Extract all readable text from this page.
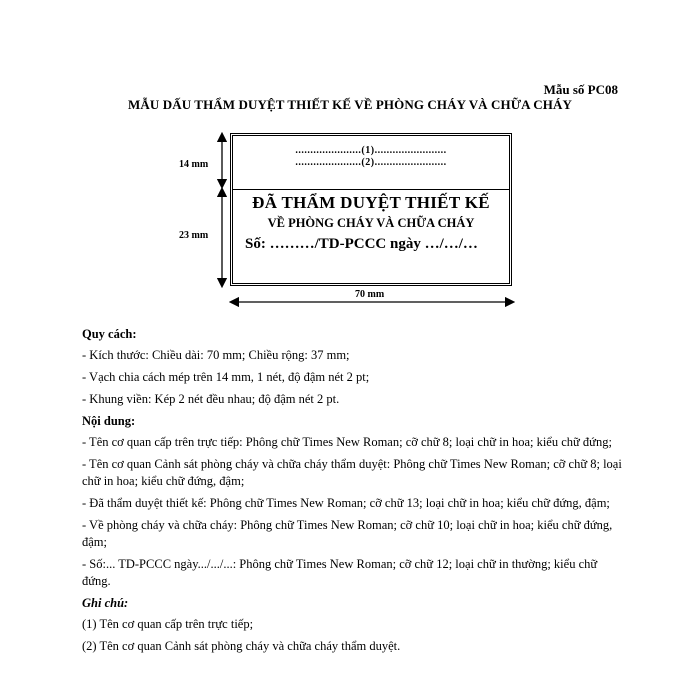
Mẫu số PC08
MẪU DẤU THẨM DUYỆT THIẾT KẾ VỀ PHÒNG CHÁY VÀ CHỮA CHÁY
14 mm
23 mm
70 mm
......................(1)........................
......................(2)........................
ĐÃ THẨM DUYỆT THIẾT KẾ
VỀ PHÒNG CHÁY VÀ CHỮA CHÁY
Số: ………/TD-PCCC ngày …/…/…
Quy cách:
- Kích thước: Chiều dài: 70 mm; Chiều rộng: 37 mm;
- Vạch chia cách mép trên 14 mm, 1 nét, độ đậm nét 2 pt;
- Khung viền: Kép 2 nét đều nhau; độ đậm nét 2 pt.
Nội dung:
- Tên cơ quan cấp trên trực tiếp: Phông chữ Times New Roman; cỡ chữ 8; loại chữ in hoa; kiểu chữ đứng;
- Tên cơ quan Cảnh sát phòng cháy và chữa cháy thẩm duyệt: Phông chữ Times New Roman; cỡ chữ 8; loại chữ in hoa; kiểu chữ đứng, đậm;
- Đã thẩm duyệt thiết kế: Phông chữ Times New Roman; cỡ chữ 13; loại chữ in hoa; kiểu chữ đứng, đậm;
- Về phòng cháy và chữa cháy: Phông chữ Times New Roman; cỡ chữ 10; loại chữ in hoa; kiểu chữ đứng, đậm;
- Số:... TD-PCCC ngày.../.../...: Phông chữ Times New Roman; cỡ chữ 12; loại chữ in thường; kiểu chữ đứng.
Ghi chú:
(1) Tên cơ quan cấp trên trực tiếp;
(2) Tên cơ quan Cảnh sát phòng cháy và chữa cháy thẩm duyệt.
